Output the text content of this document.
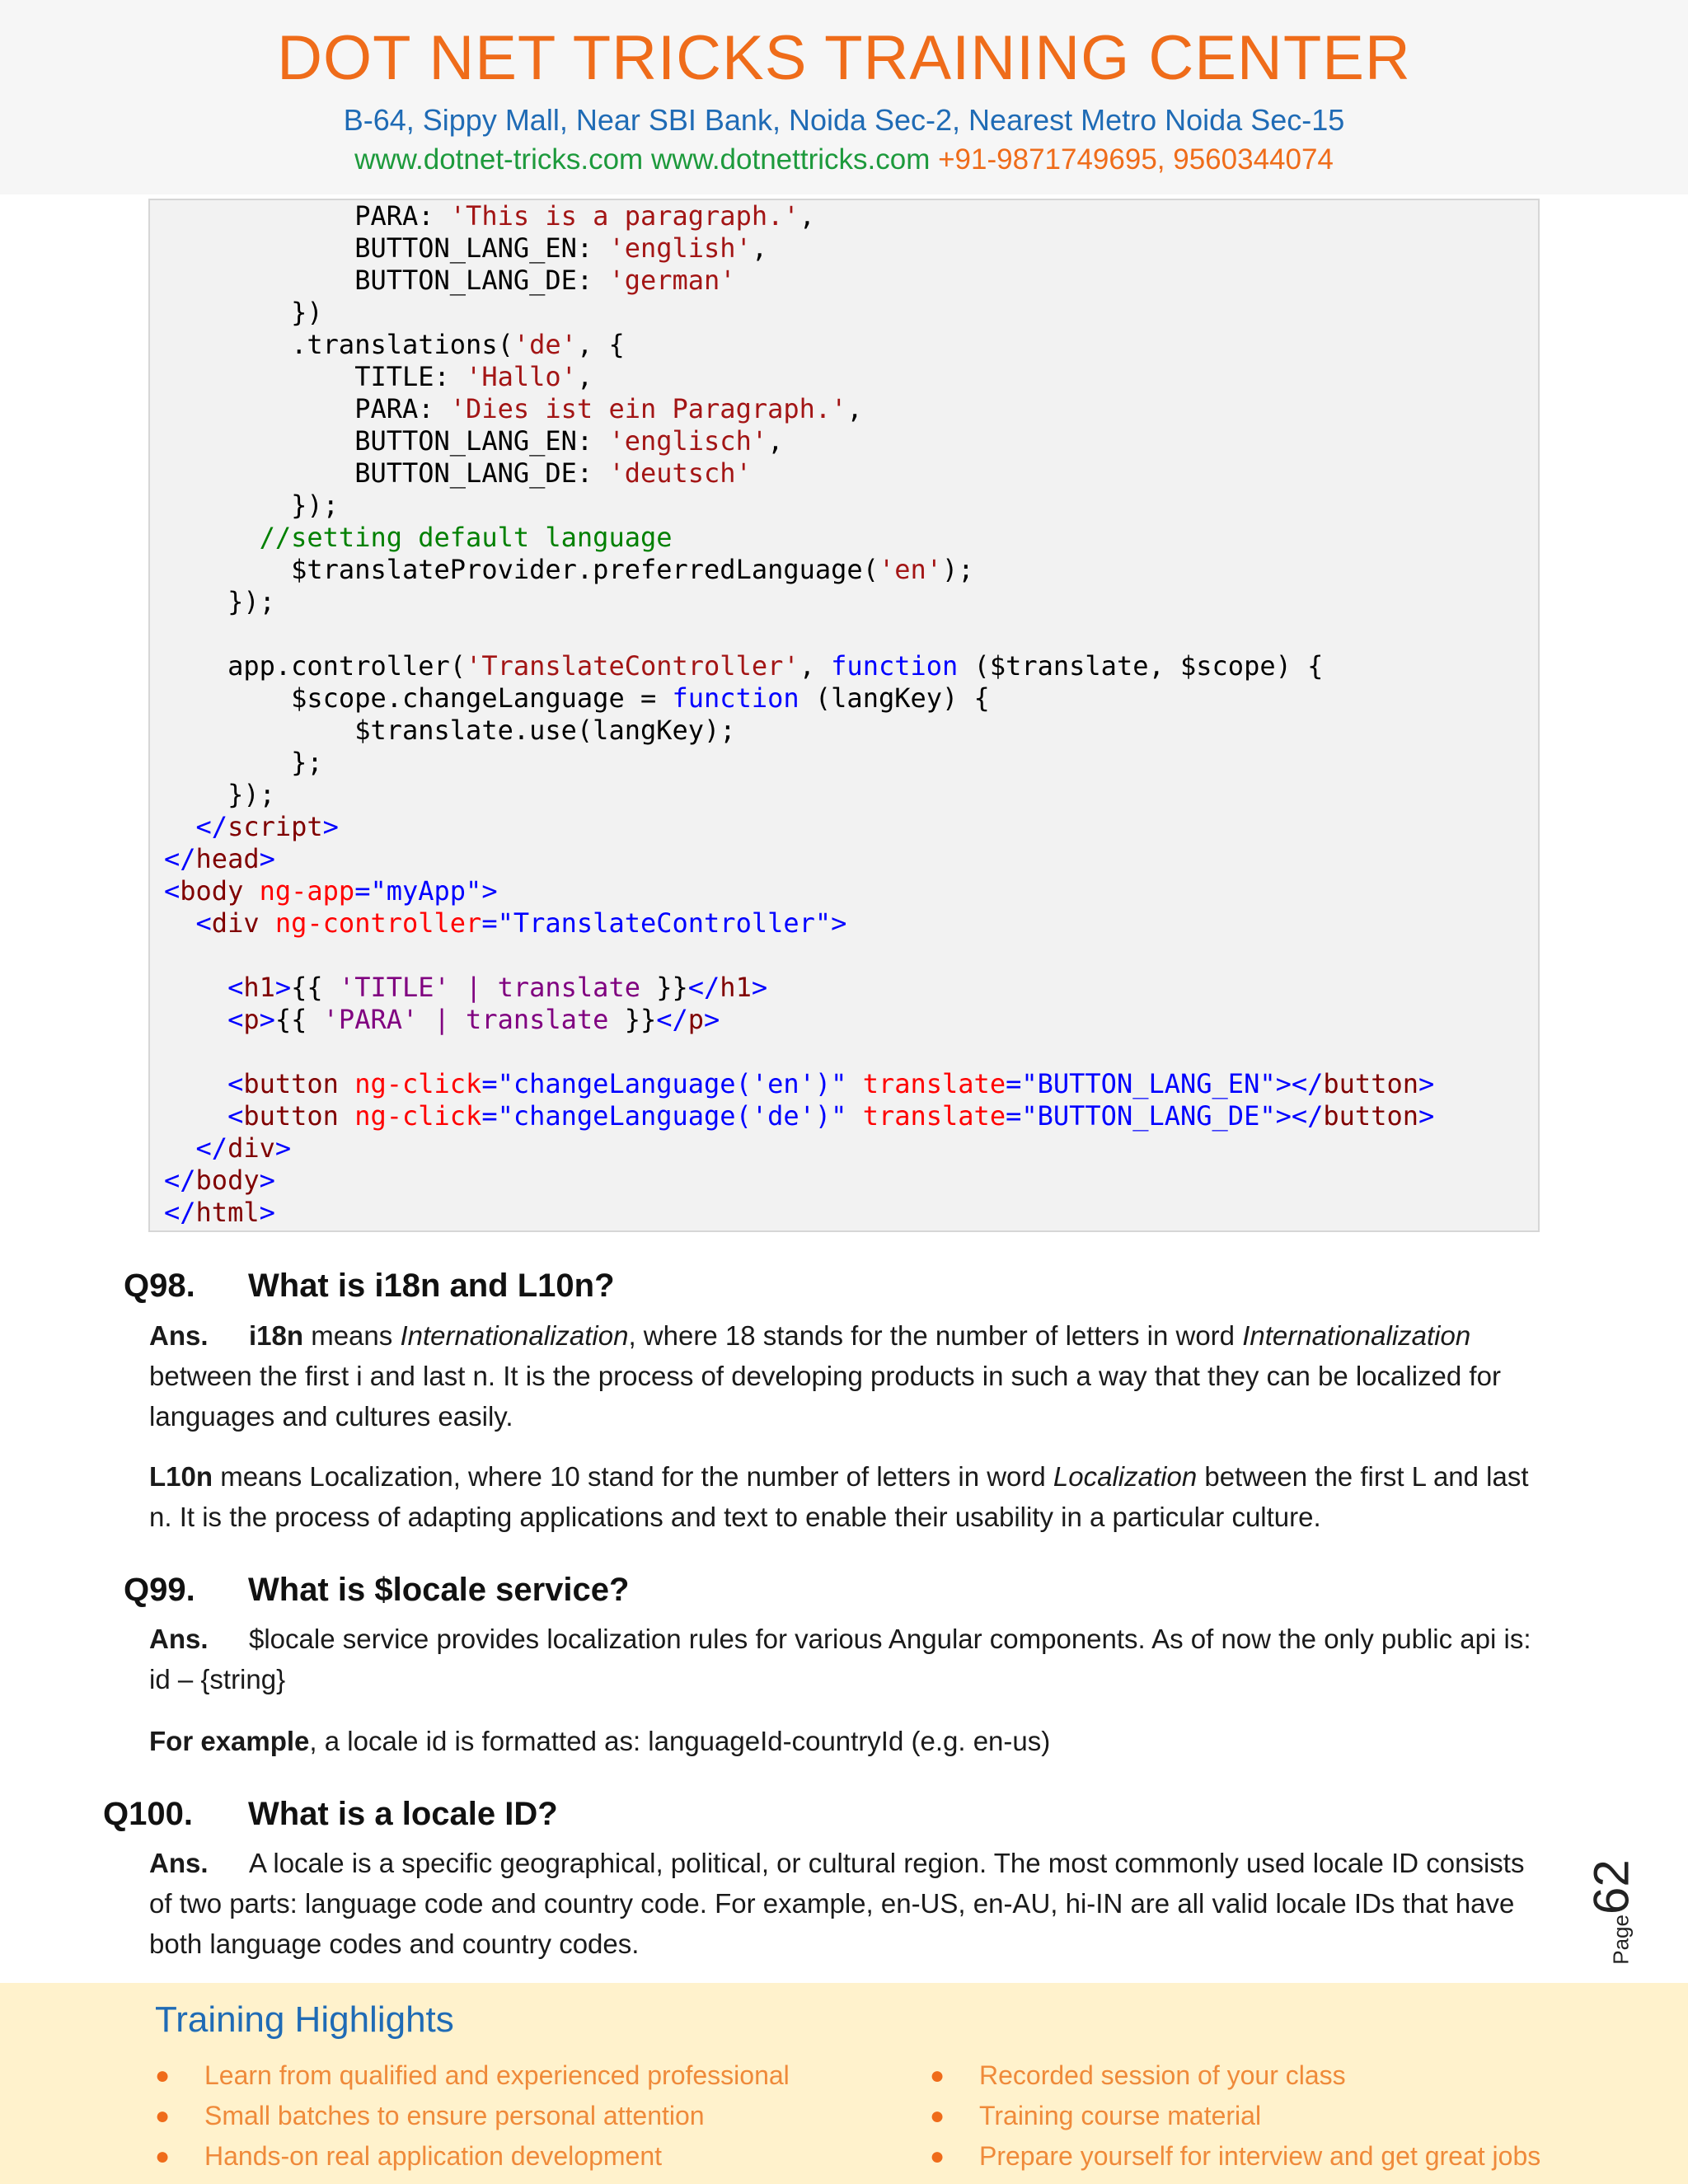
DOT NET TRICKS TRAINING CENTER
B-64, Sippy Mall, Near SBI Bank, Noida Sec-2, Nearest Metro Noida Sec-15
www.dotnet-tricks.com www.dotnettricks.com +91-9871749695, 9560344074
PARA: 'This is a paragraph.',
BUTTON_LANG_EN: 'english',
BUTTON_LANG_DE: 'german'
})
.translations('de', {
TITLE: 'Hallo',
PARA: 'Dies ist ein Paragraph.',
BUTTON_LANG_EN: 'englisch',
BUTTON_LANG_DE: 'deutsch'
});
//setting default language
$translateProvider.preferredLanguage('en');
});
app.controller('TranslateController', function ($translate, $scope) {
$scope.changeLanguage = function (langKey) {
$translate.use(langKey);
};
});
</script>
</head>
<body ng-app="myApp">
<div ng-controller="TranslateController">
<h1>{{ 'TITLE' | translate }}</h1>
<p>{{ 'PARA' | translate }}</p>
<button ng-click="changeLanguage('en')" translate="BUTTON_LANG_EN"></button>
<button ng-click="changeLanguage('de')" translate="BUTTON_LANG_DE"></button>
</div>
</body>
</html>
Q98. What is i18n and L10n?
Ans. i18n means Internationalization, where 18 stands for the number of letters in word Internationalization between the first i and last n. It is the process of developing products in such a way that they can be localized for languages and cultures easily.
L10n means Localization, where 10 stand for the number of letters in word Localization between the first L and last n. It is the process of adapting applications and text to enable their usability in a particular culture.
Q99. What is $locale service?
Ans. $locale service provides localization rules for various Angular components. As of now the only public api is: id – {string}
For example, a locale id is formatted as: languageId-countryId (e.g. en-us)
Q100. What is a locale ID?
Ans. A locale is a specific geographical, political, or cultural region. The most commonly used locale ID consists of two parts: language code and country code. For example, en-US, en-AU, hi-IN are all valid locale IDs that have both language codes and country codes.	Page62
Training Highlights
● Learn from qualified and experienced professional
● Small batches to ensure personal attention
● Hands-on real application development
● Recorded session of your class
● Training course material
● Prepare yourself for interview and get great jobs
